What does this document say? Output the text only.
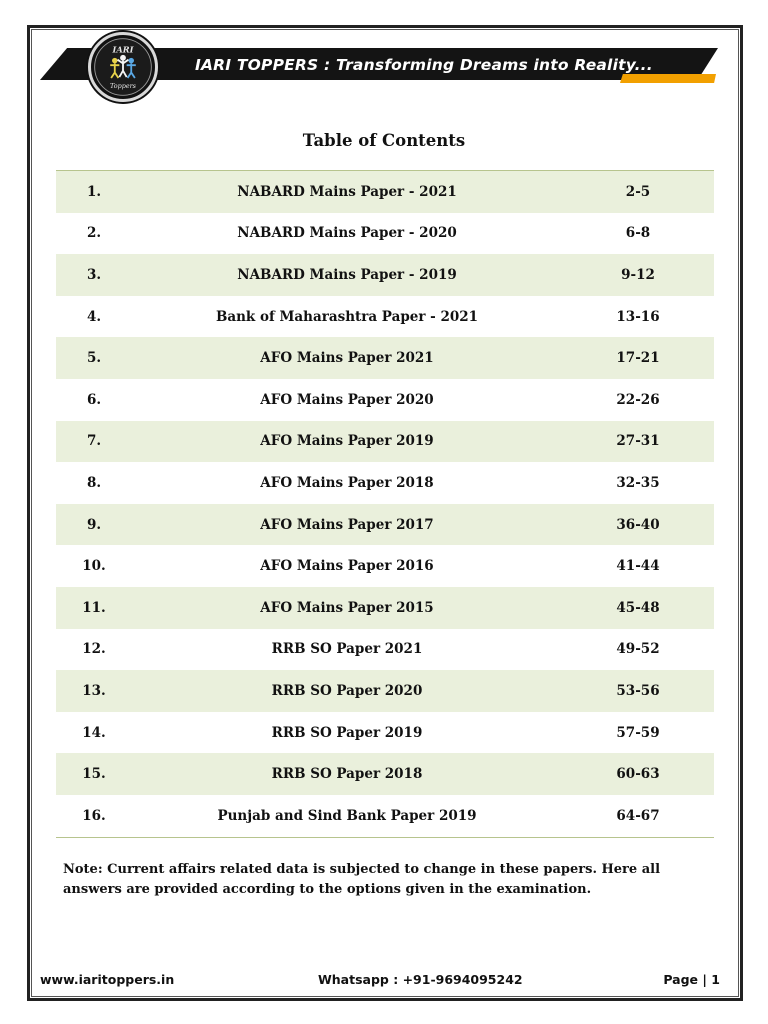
IARI TOPPERS : Transforming Dreams into Reality...
IARI
Toppers
Table of Contents
1.	NABARD Mains Paper - 2021	2-5
2.	NABARD Mains Paper - 2020	6-8
3.	NABARD Mains Paper - 2019	9-12
4.	Bank of Maharashtra Paper - 2021	13-16
5.	AFO Mains Paper 2021	17-21
6.	AFO Mains Paper 2020	22-26
7.	AFO Mains Paper 2019	27-31
8.	AFO Mains Paper 2018	32-35
9.	AFO Mains Paper 2017	36-40
10.	AFO Mains Paper 2016	41-44
11.	AFO Mains Paper 2015	45-48
12.	RRB SO Paper 2021	49-52
13.	RRB SO Paper 2020	53-56
14.	RRB SO Paper 2019	57-59
15.	RRB SO Paper 2018	60-63
16.	Punjab and Sind Bank Paper 2019	64-67
Note: Current affairs related data is subjected to change in these papers. Here all answers are provided according to the options given in the examination.
www.iaritoppers.in	Whatsapp : +91-9694095242	Page | 1
